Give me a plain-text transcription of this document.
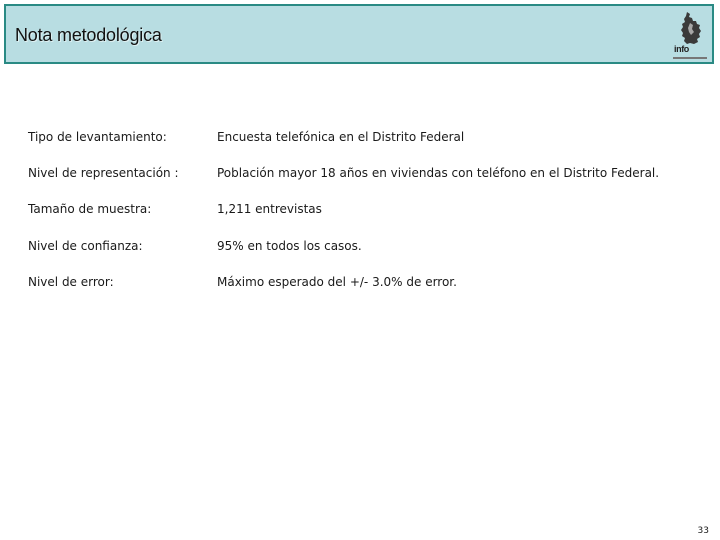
Nota metodológica
info
Tipo de levantamiento:	Encuesta telefónica en el Distrito Federal
Nivel de representación :	Población mayor 18 años en viviendas con teléfono en el Distrito Federal.
Tamaño de muestra:	1,211 entrevistas
Nivel de confianza:	95% en todos los casos.
Nivel de error:	Máximo esperado del +/- 3.0% de error.
33
